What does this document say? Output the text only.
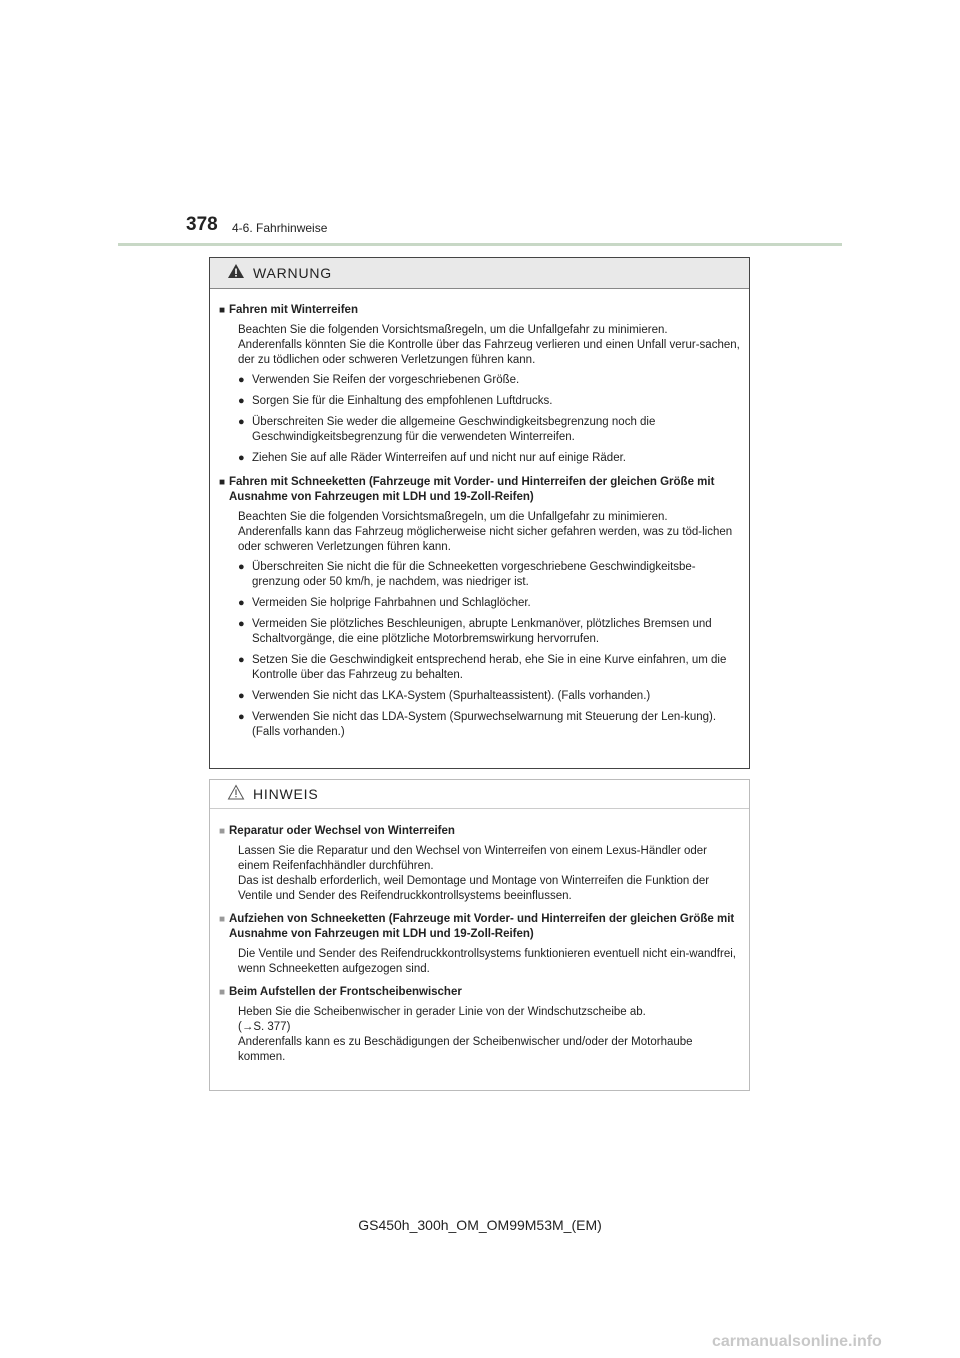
378 4-6. Fahrhinweise
WARNUNG
■ Fahren mit Winterreifen
Beachten Sie die folgenden Vorsichtsmaßregeln, um die Unfallgefahr zu minimieren.
Anderenfalls könnten Sie die Kontrolle über das Fahrzeug verlieren und einen Unfall verur-sachen, der zu tödlichen oder schweren Verletzungen führen kann.
● Verwenden Sie Reifen der vorgeschriebenen Größe.
● Sorgen Sie für die Einhaltung des empfohlenen Luftdrucks.
● Überschreiten Sie weder die allgemeine Geschwindigkeitsbegrenzung noch die Geschwindigkeitsbegrenzung für die verwendeten Winterreifen.
● Ziehen Sie auf alle Räder Winterreifen auf und nicht nur auf einige Räder.
■ Fahren mit Schneeketten (Fahrzeuge mit Vorder- und Hinterreifen der gleichen Größe mit Ausnahme von Fahrzeugen mit LDH und 19-Zoll-Reifen)
Beachten Sie die folgenden Vorsichtsmaßregeln, um die Unfallgefahr zu minimieren.
Anderenfalls kann das Fahrzeug möglicherweise nicht sicher gefahren werden, was zu töd-lichen oder schweren Verletzungen führen kann.
● Überschreiten Sie nicht die für die Schneeketten vorgeschriebene Geschwindigkeitsbe-grenzung oder 50 km/h, je nachdem, was niedriger ist.
● Vermeiden Sie holprige Fahrbahnen und Schlaglöcher.
● Vermeiden Sie plötzliches Beschleunigen, abrupte Lenkmanöver, plötzliches Bremsen und Schaltvorgänge, die eine plötzliche Motorbremswirkung hervorrufen.
● Setzen Sie die Geschwindigkeit entsprechend herab, ehe Sie in eine Kurve einfahren, um die Kontrolle über das Fahrzeug zu behalten.
● Verwenden Sie nicht das LKA-System (Spurhalteassistent). (Falls vorhanden.)
● Verwenden Sie nicht das LDA-System (Spurwechselwarnung mit Steuerung der Len-kung). (Falls vorhanden.)
HINWEIS
■ Reparatur oder Wechsel von Winterreifen
Lassen Sie die Reparatur und den Wechsel von Winterreifen von einem Lexus-Händler oder einem Reifenfachhändler durchführen.
Das ist deshalb erforderlich, weil Demontage und Montage von Winterreifen die Funktion der Ventile und Sender des Reifendruckkontrollsystems beeinflussen.
■ Aufziehen von Schneeketten (Fahrzeuge mit Vorder- und Hinterreifen der gleichen Größe mit Ausnahme von Fahrzeugen mit LDH und 19-Zoll-Reifen)
Die Ventile und Sender des Reifendruckkontrollsystems funktionieren eventuell nicht ein-wandfrei, wenn Schneeketten aufgezogen sind.
■ Beim Aufstellen der Frontscheibenwischer
Heben Sie die Scheibenwischer in gerader Linie von der Windschutzscheibe ab.
(→S. 377)
Anderenfalls kann es zu Beschädigungen der Scheibenwischer und/oder der Motorhaube kommen.
GS450h_300h_OM_OM99M53M_(EM)
carmanualsonline.info
